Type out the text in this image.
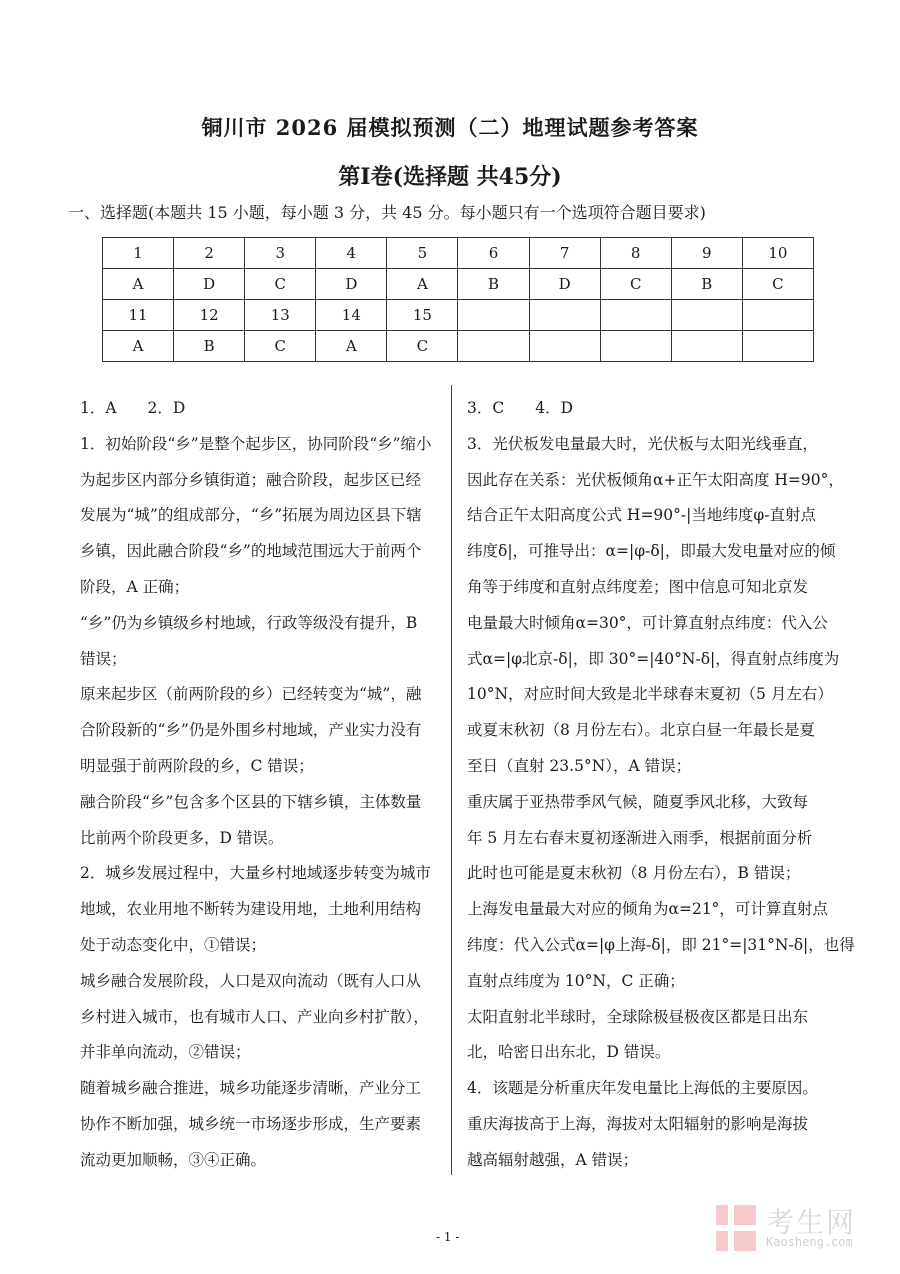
铜川市 2026 届模拟预测（二）地理试题参考答案
第Ⅰ卷(选择题 共45分)
一、选择题(本题共 15 小题，每小题 3 分，共 45 分。每小题只有一个选项符合题目要求)
1	2	3	4	5	6	7	8	9	10
A	D	C	D	A	B	D	C	B	C
11	12	13	14	15					
A	B	C	A	C					
1．A　　2．D
1．初始阶段“乡”是整个起步区，协同阶段“乡”缩小
为起步区内部分乡镇街道；融合阶段，起步区已经
发展为“城”的组成部分，“乡”拓展为周边区县下辖
乡镇，因此融合阶段“乡”的地域范围远大于前两个
阶段，A 正确；
“乡”仍为乡镇级乡村地域，行政等级没有提升，B
错误；
原来起步区（前两阶段的乡）已经转变为“城”，融
合阶段新的“乡”仍是外围乡村地域，产业实力没有
明显强于前两阶段的乡，C 错误；
融合阶段“乡”包含多个区县的下辖乡镇，主体数量
比前两个阶段更多，D 错误。
2．城乡发展过程中，大量乡村地域逐步转变为城市
地域，农业用地不断转为建设用地，土地利用结构
处于动态变化中，①错误；
城乡融合发展阶段，人口是双向流动（既有人口从
乡村进入城市，也有城市人口、产业向乡村扩散），
并非单向流动，②错误；
随着城乡融合推进，城乡功能逐步清晰，产业分工
协作不断加强，城乡统一市场逐步形成，生产要素
流动更加顺畅，③④正确。
3．C　　4．D
3．光伏板发电量最大时，光伏板与太阳光线垂直，
因此存在关系：光伏板倾角α+正午太阳高度 H=90°，
结合正午太阳高度公式 H=90°-|当地纬度φ-直射点
纬度δ|，可推导出：α=|φ-δ|，即最大发电量对应的倾
角等于纬度和直射点纬度差；图中信息可知北京发
电量最大时倾角α=30°，可计算直射点纬度：代入公
式α=|φ北京-δ|，即 30°=|40°N-δ|，得直射点纬度为
10°N，对应时间大致是北半球春末夏初（5 月左右）
或夏末秋初（8 月份左右）。北京白昼一年最长是夏
至日（直射 23.5°N），A 错误；
重庆属于亚热带季风气候，随夏季风北移，大致每
年 5 月左右春末夏初逐渐进入雨季，根据前面分析
此时也可能是夏末秋初（8 月份左右），B 错误；
上海发电量最大对应的倾角为α=21°，可计算直射点
纬度：代入公式α=|φ上海-δ|，即 21°=|31°N-δ|，也得
直射点纬度为 10°N，C 正确；
太阳直射北半球时，全球除极昼极夜区都是日出东
北，哈密日出东北，D 错误。
4．该题是分析重庆年发电量比上海低的主要原因。
重庆海拔高于上海，海拔对太阳辐射的影响是海拔
越高辐射越强，A 错误；
- 1 -	考生网
Kaosheng.com
